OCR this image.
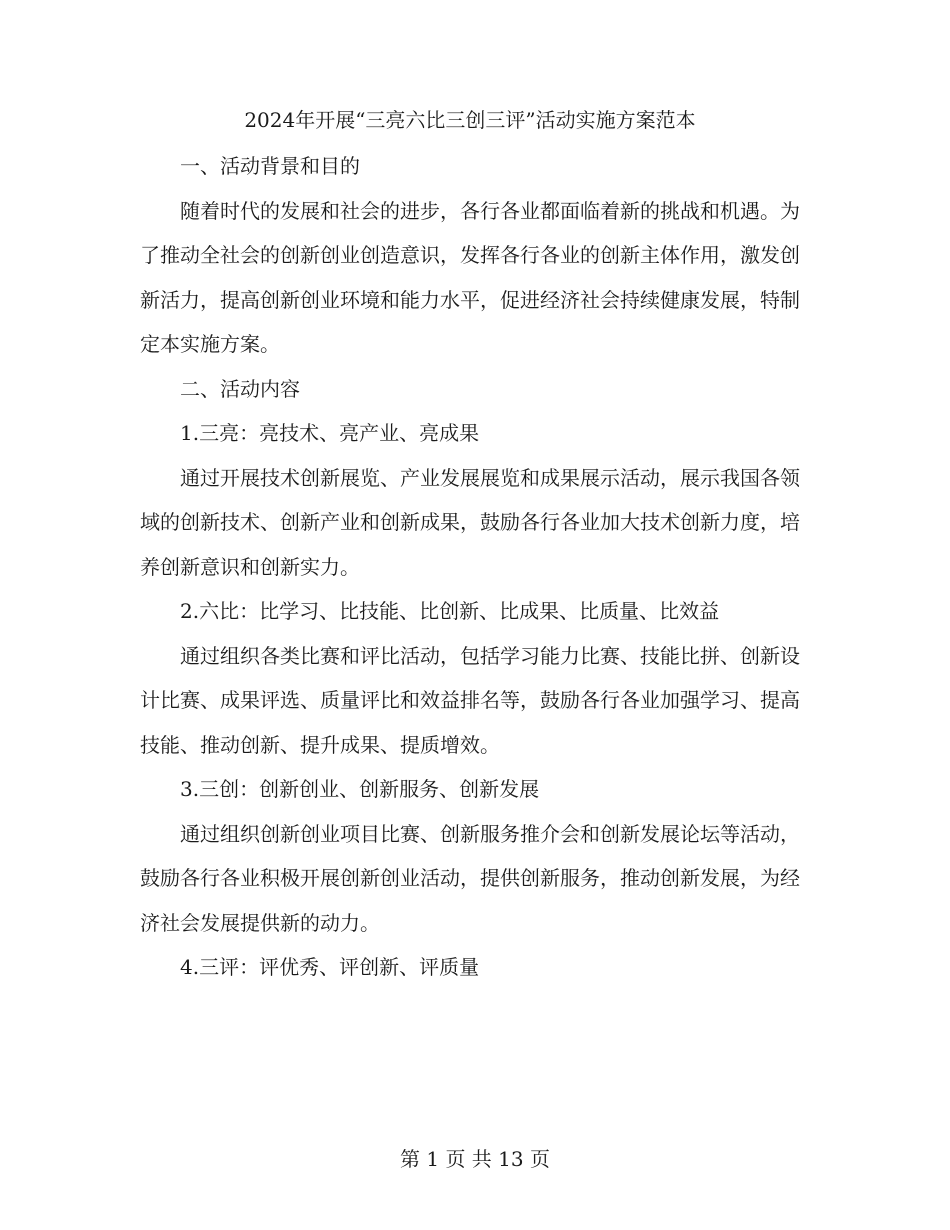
2024年开展“三亮六比三创三评”活动实施方案范本
一、活动背景和目的
随着时代的发展和社会的进步，各行各业都面临着新的挑战和机遇。为了推动全社会的创新创业创造意识，发挥各行各业的创新主体作用，激发创新活力，提高创新创业环境和能力水平，促进经济社会持续健康发展，特制定本实施方案。
二、活动内容
1.三亮：亮技术、亮产业、亮成果
通过开展技术创新展览、产业发展展览和成果展示活动，展示我国各领域的创新技术、创新产业和创新成果，鼓励各行各业加大技术创新力度，培养创新意识和创新实力。
2.六比：比学习、比技能、比创新、比成果、比质量、比效益
通过组织各类比赛和评比活动，包括学习能力比赛、技能比拼、创新设计比赛、成果评选、质量评比和效益排名等，鼓励各行各业加强学习、提高技能、推动创新、提升成果、提质增效。
3.三创：创新创业、创新服务、创新发展
通过组织创新创业项目比赛、创新服务推介会和创新发展论坛等活动，鼓励各行各业积极开展创新创业活动，提供创新服务，推动创新发展，为经济社会发展提供新的动力。
4.三评：评优秀、评创新、评质量
第 1 页 共 13 页
